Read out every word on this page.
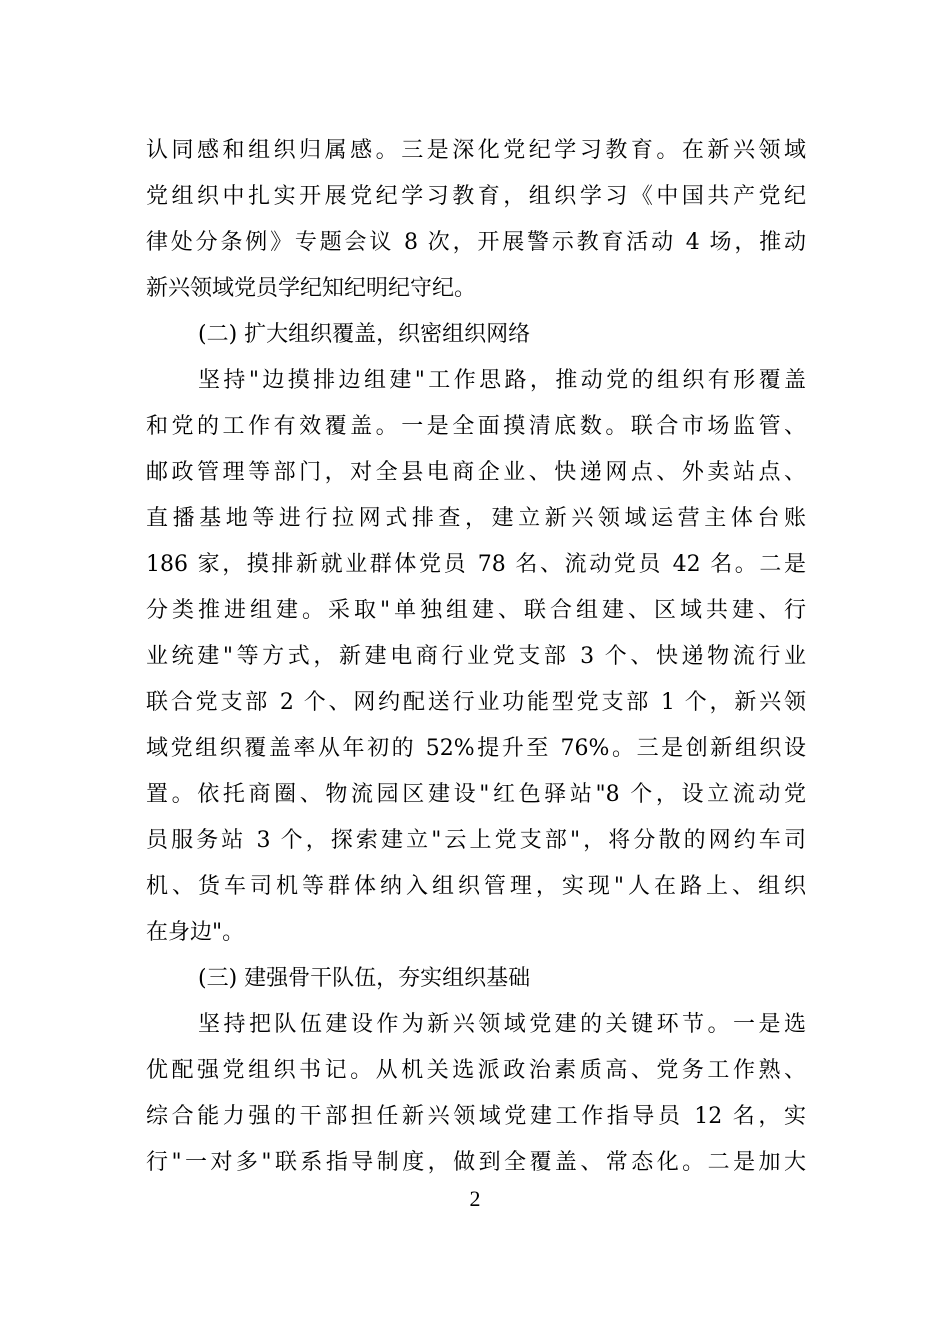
认同感和组织归属感。三是深化党纪学习教育。在新兴领域
党组织中扎实开展党纪学习教育，组织学习《中国共产党纪
律处分条例》专题会议 8 次，开展警示教育活动 4 场，推动
新兴领域党员学纪知纪明纪守纪。
(二) 扩大组织覆盖，织密组织网络
坚持"边摸排边组建"工作思路，推动党的组织有形覆盖
和党的工作有效覆盖。一是全面摸清底数。联合市场监管、
邮政管理等部门，对全县电商企业、快递网点、外卖站点、
直播基地等进行拉网式排查，建立新兴领域运营主体台账
186 家，摸排新就业群体党员 78 名、流动党员 42 名。二是
分类推进组建。采取"单独组建、联合组建、区域共建、行
业统建"等方式，新建电商行业党支部 3 个、快递物流行业
联合党支部 2 个、网约配送行业功能型党支部 1 个，新兴领
域党组织覆盖率从年初的 52%提升至 76%。三是创新组织设
置。依托商圈、物流园区建设"红色驿站"8 个，设立流动党
员服务站 3 个，探索建立"云上党支部"，将分散的网约车司
机、货车司机等群体纳入组织管理，实现"人在路上、组织
在身边"。
(三) 建强骨干队伍，夯实组织基础
坚持把队伍建设作为新兴领域党建的关键环节。一是选
优配强党组织书记。从机关选派政治素质高、党务工作熟、
综合能力强的干部担任新兴领域党建工作指导员 12 名，实
行"一对多"联系指导制度，做到全覆盖、常态化。二是加大
2
